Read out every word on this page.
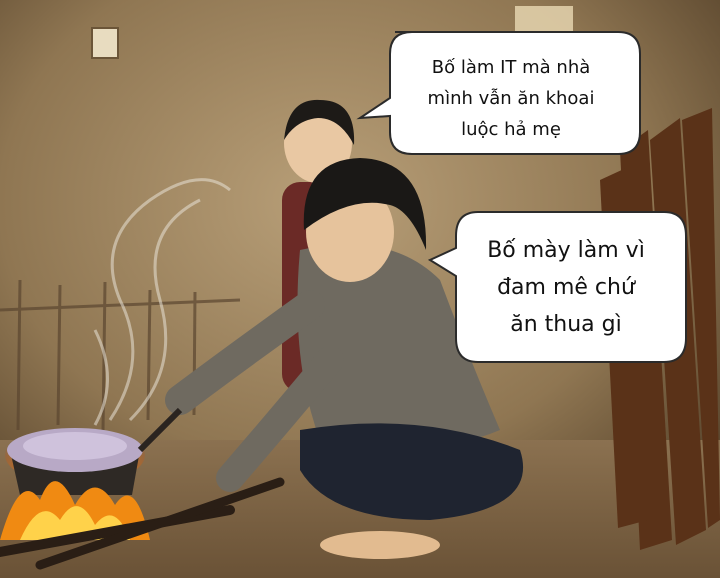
Bố làm IT mà nhà
mình vẫn ăn khoai
luộc hả mẹ
Bố mày làm vì
đam mê chứ
ăn thua gì
